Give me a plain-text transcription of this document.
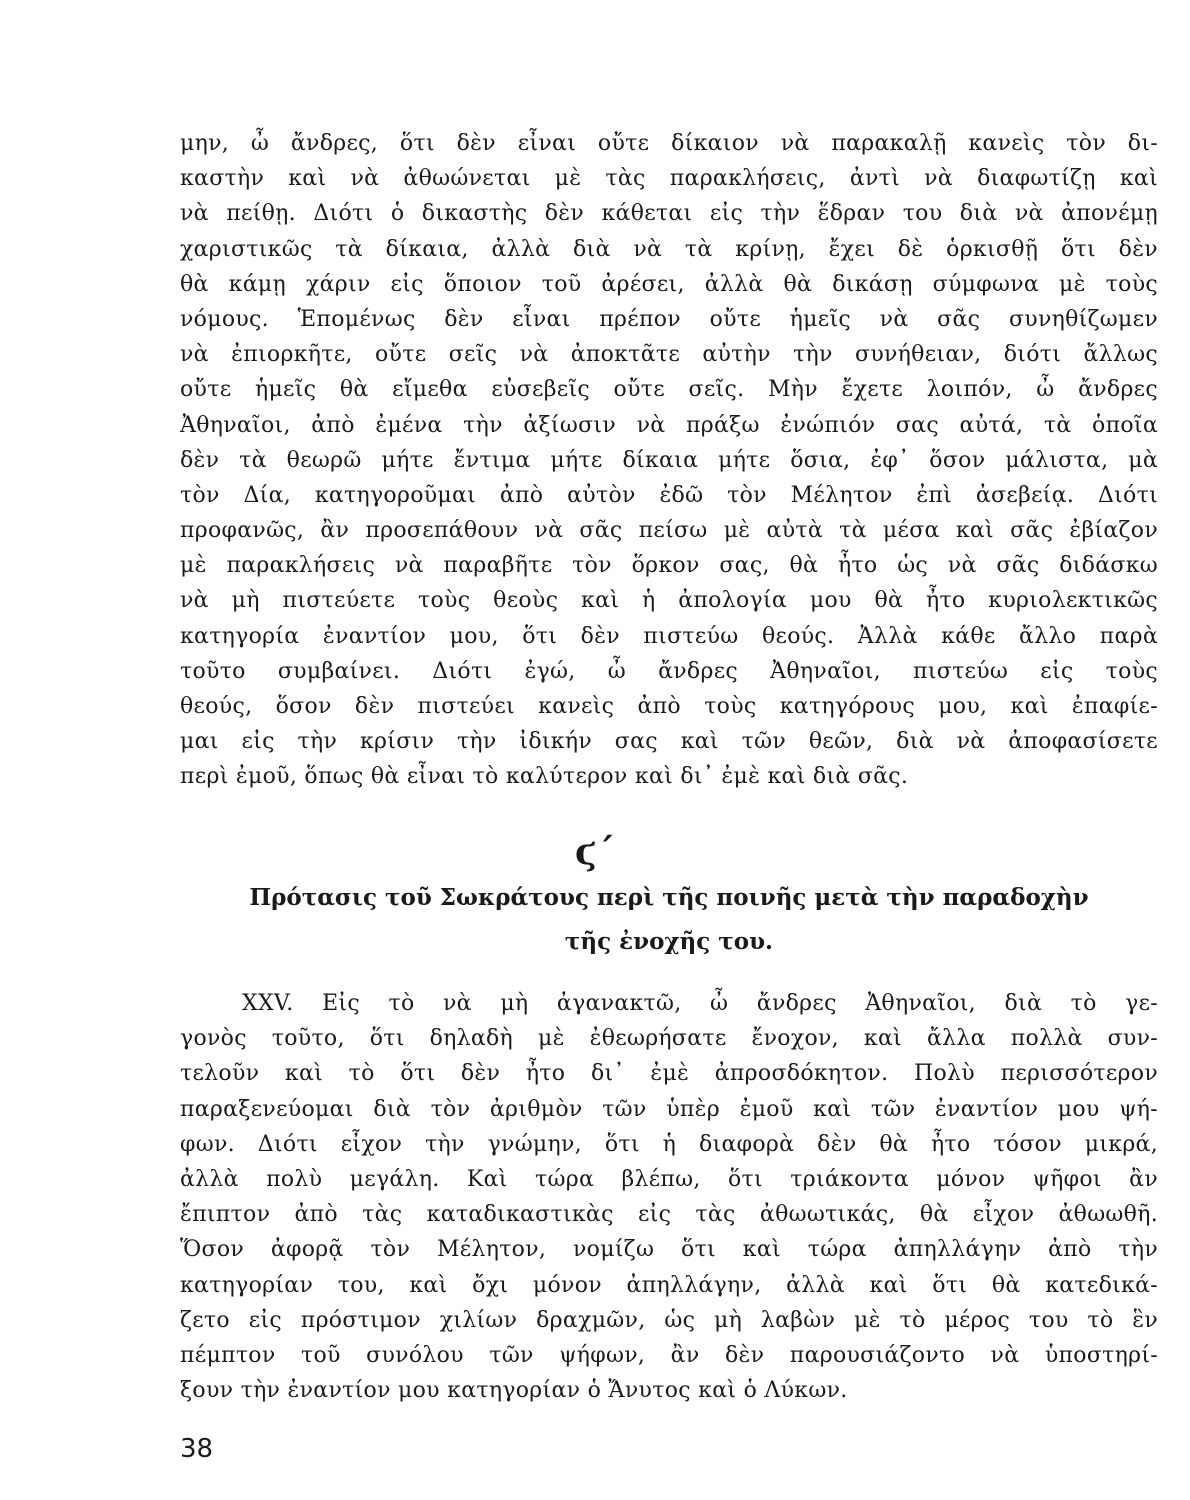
μην, ὦ ἄνδρες, ὅτι δὲν εἶναι οὔτε δίκαιον νὰ παρακαλῇ κανεὶς τὸν δι-
καστὴν καὶ νὰ ἀθωώνεται μὲ τὰς παρακλήσεις, ἀντὶ νὰ διαφωτίζῃ καὶ
νὰ πείθῃ. Διότι ὁ δικαστὴς δὲν κάθεται εἰς τὴν ἕδραν του διὰ νὰ ἀπονέμῃ
χαριστικῶς τὰ δίκαια, ἀλλὰ διὰ νὰ τὰ κρίνῃ, ἔχει δὲ ὁρκισθῇ ὅτι δὲν
θὰ κάμῃ χάριν εἰς ὅποιον τοῦ ἀρέσει, ἀλλὰ θὰ δικάσῃ σύμφωνα μὲ τοὺς
νόμους. Ἑπομένως δὲν εἶναι πρέπον οὔτε ἡμεῖς νὰ σᾶς συνηθίζωμεν
νὰ ἐπιορκῆτε, οὔτε σεῖς νὰ ἀποκτᾶτε αὐτὴν τὴν συνήθειαν, διότι ἄλλως
οὔτε ἡμεῖς θὰ εἴμεθα εὐσεβεῖς οὔτε σεῖς. Μὴν ἔχετε λοιπόν, ὦ ἄνδρες
Ἀθηναῖοι, ἀπὸ ἐμένα τὴν ἀξίωσιν νὰ πράξω ἐνώπιόν σας αὐτά, τὰ ὁποῖα
δὲν τὰ θεωρῶ μήτε ἔντιμα μήτε δίκαια μήτε ὅσια, ἐφ᾽ ὅσον μάλιστα, μὰ
τὸν Δία, κατηγοροῦμαι ἀπὸ αὐτὸν ἐδῶ τὸν Μέλητον ἐπὶ ἀσεβείᾳ. Διότι
προφανῶς, ἂν προσεπάθουν νὰ σᾶς πείσω μὲ αὐτὰ τὰ μέσα καὶ σᾶς ἐβίαζον
μὲ παρακλήσεις νὰ παραβῆτε τὸν ὅρκον σας, θὰ ἦτο ὡς νὰ σᾶς διδάσκω
νὰ μὴ πιστεύετε τοὺς θεοὺς καὶ ἡ ἀπολογία μου θὰ ἦτο κυριολεκτικῶς
κατηγορία ἐναντίον μου, ὅτι δὲν πιστεύω θεούς. Ἀλλὰ κάθε ἄλλο παρὰ
τοῦτο συμβαίνει. Διότι ἐγώ, ὦ ἄνδρες Ἀθηναῖοι, πιστεύω εἰς τοὺς
θεούς, ὅσον δὲν πιστεύει κανεὶς ἀπὸ τοὺς κατηγόρους μου, καὶ ἐπαφίε-
μαι εἰς τὴν κρίσιν τὴν ἰδικήν σας καὶ τῶν θεῶν, διὰ νὰ ἀποφασίσετε
περὶ ἐμοῦ, ὅπως θὰ εἶναι τὸ καλύτερον καὶ δι᾽ ἐμὲ καὶ διὰ σᾶς.
ϛ΄
Πρότασις τοῦ Σωκράτους περὶ τῆς ποινῆς μετὰ τὴν παραδοχὴν
τῆς ἐνοχῆς του.
XXV. Εἰς τὸ νὰ μὴ ἀγανακτῶ, ὦ ἄνδρες Ἀθηναῖοι, διὰ τὸ γε-
γονὸς τοῦτο, ὅτι δηλαδὴ μὲ ἐθεωρήσατε ἔνοχον, καὶ ἄλλα πολλὰ συν-
τελοῦν καὶ τὸ ὅτι δὲν ἦτο δι᾽ ἐμὲ ἀπροσδόκητον. Πολὺ περισσότερον
παραξενεύομαι διὰ τὸν ἀριθμὸν τῶν ὑπὲρ ἐμοῦ καὶ τῶν ἐναντίον μου ψή-
φων. Διότι εἶχον τὴν γνώμην, ὅτι ἡ διαφορὰ δὲν θὰ ἦτο τόσον μικρά,
ἀλλὰ πολὺ μεγάλη. Καὶ τώρα βλέπω, ὅτι τριάκοντα μόνον ψῆφοι ἂν
ἔπιπτον ἀπὸ τὰς καταδικαστικὰς εἰς τὰς ἀθωωτικάς, θὰ εἶχον ἀθωωθῆ.
Ὅσον ἀφορᾷ τὸν Μέλητον, νομίζω ὅτι καὶ τώρα ἀπηλλάγην ἀπὸ τὴν
κατηγορίαν του, καὶ ὄχι μόνον ἀπηλλάγην, ἀλλὰ καὶ ὅτι θὰ κατεδικά-
ζετο εἰς πρόστιμον χιλίων δραχμῶν, ὡς μὴ λαβὼν μὲ τὸ μέρος του τὸ ἓν
πέμπτον τοῦ συνόλου τῶν ψήφων, ἂν δὲν παρουσιάζοντο νὰ ὑποστηρί-
ξουν τὴν ἐναντίον μου κατηγορίαν ὁ Ἄνυτος καὶ ὁ Λύκων.
38
